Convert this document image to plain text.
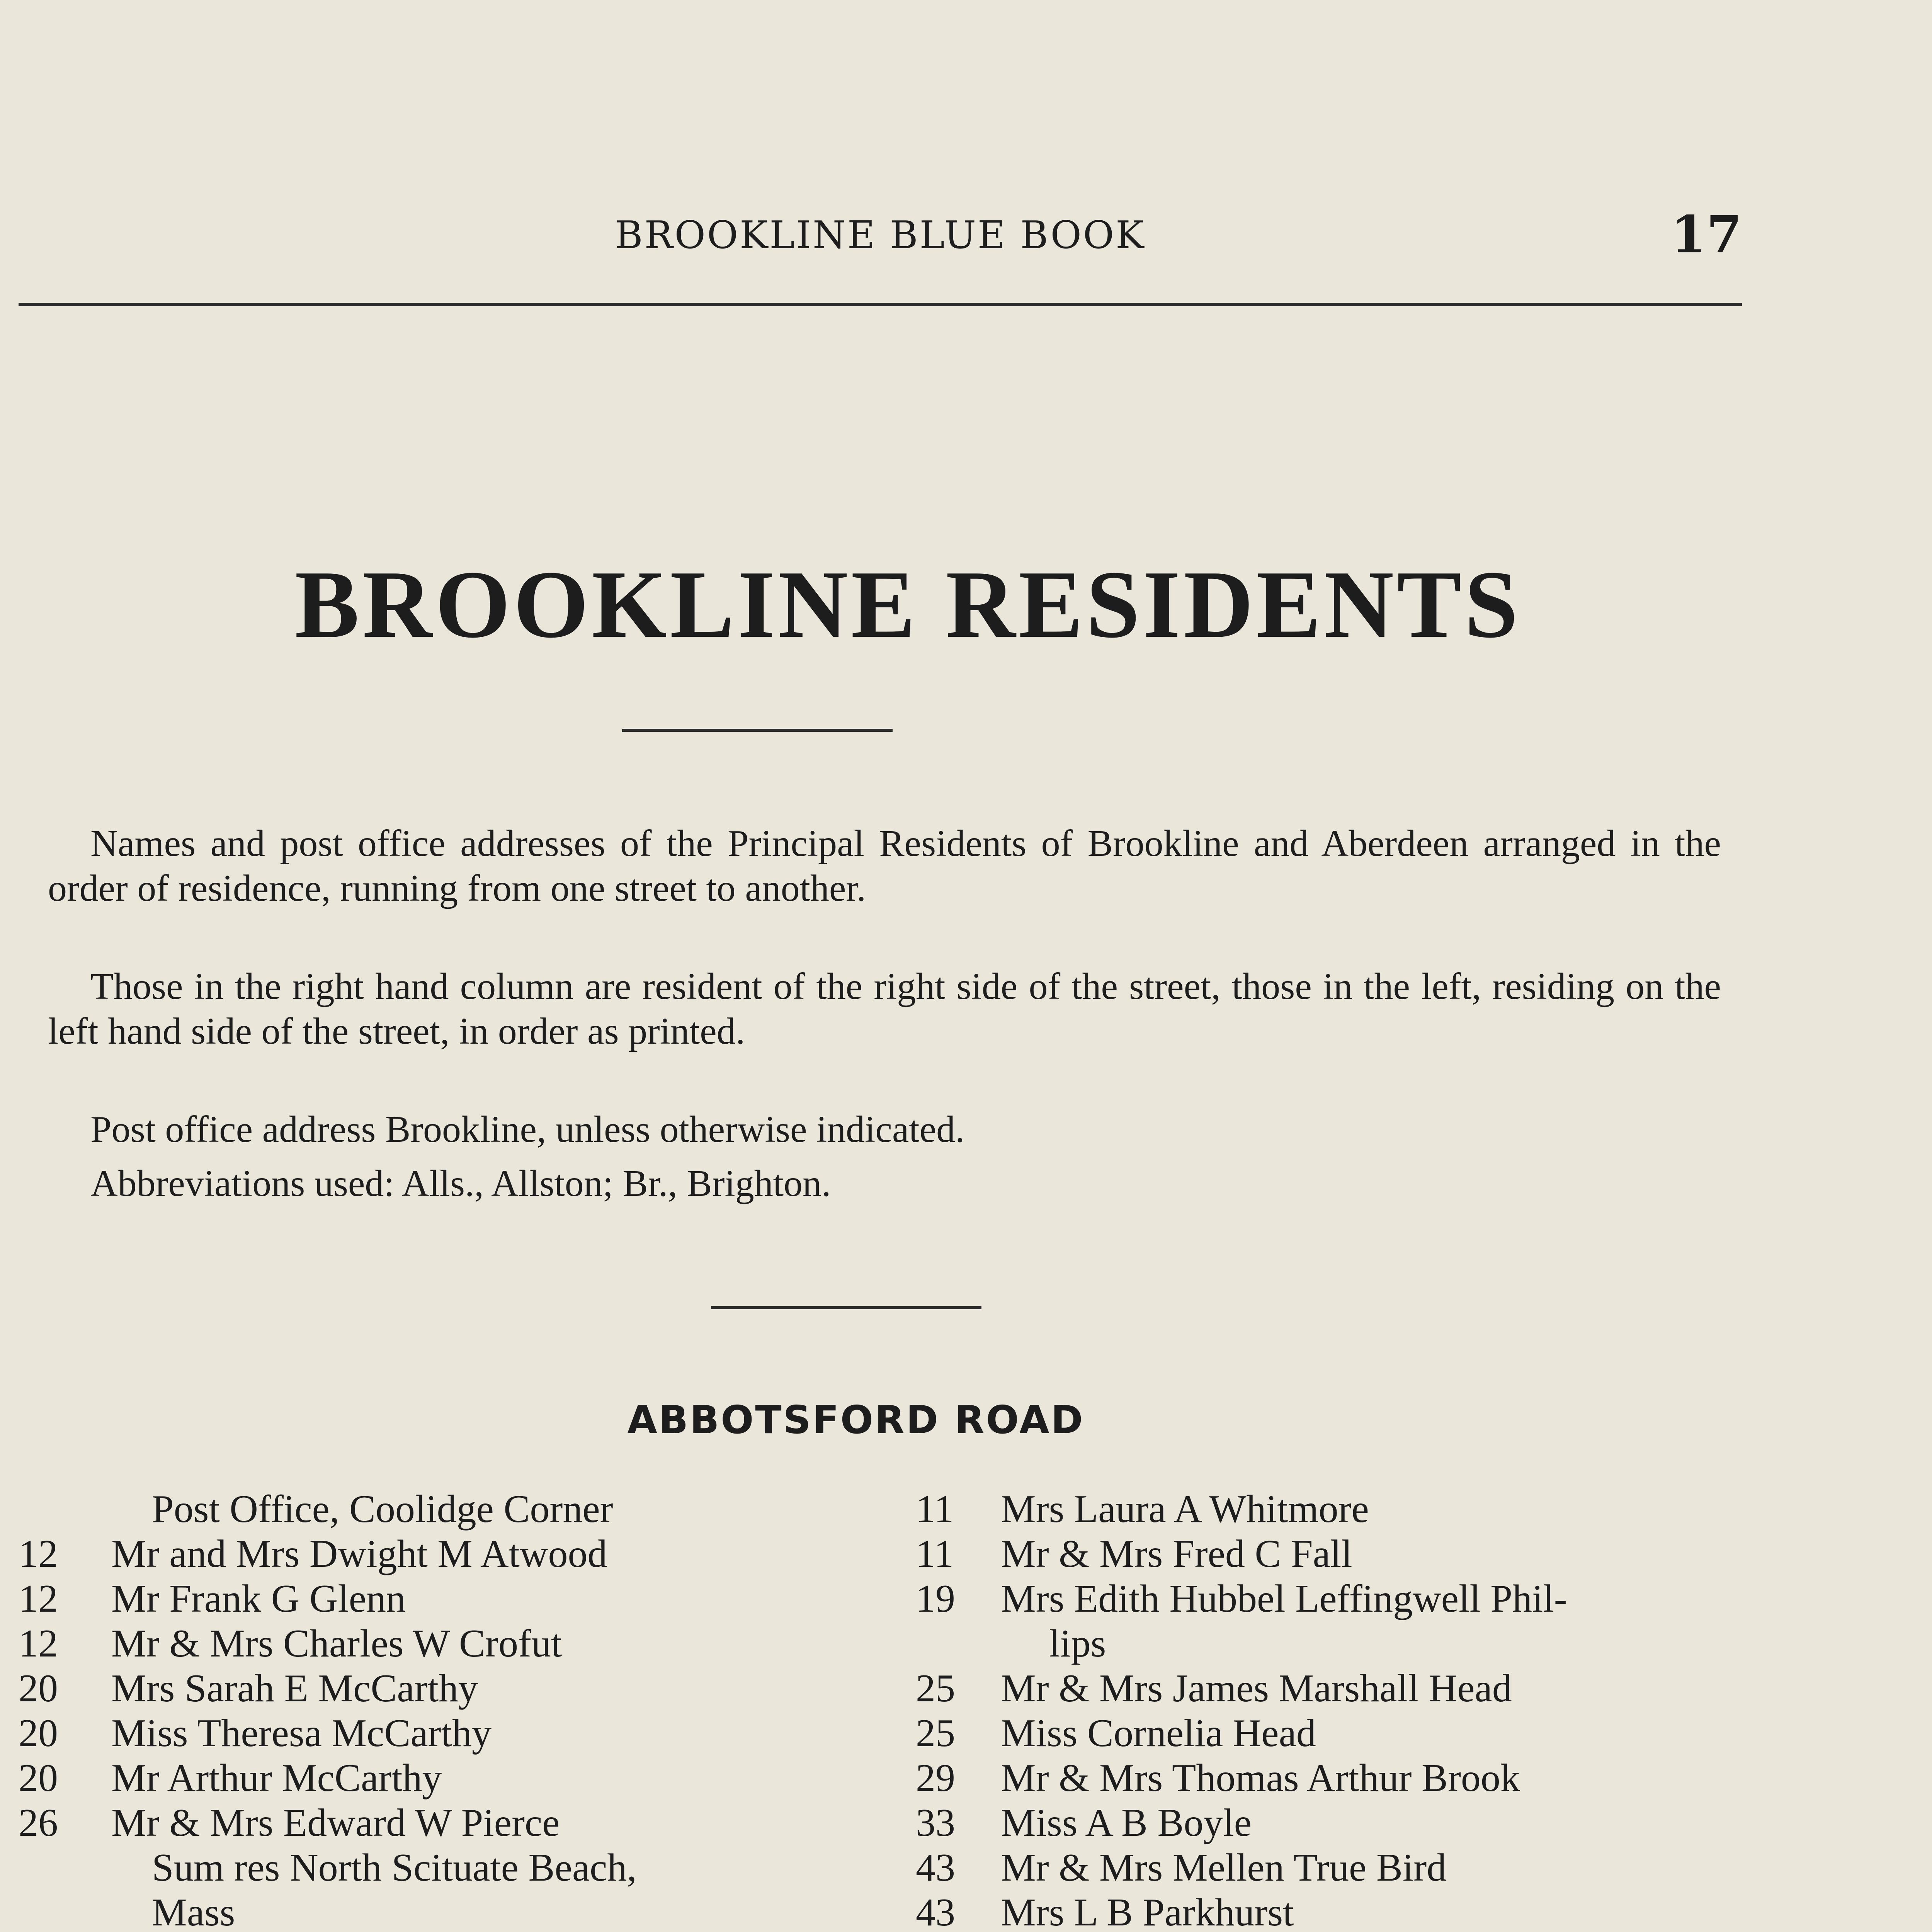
BROOKLINE BLUE BOOK	17
BROOKLINE RESIDENTS

Names and post office addresses of the Principal Residents of Brookline and Aberdeen arranged in the order of residence, running from one street to another.

Those in the right hand column are resident of the right side of the street, those in the left, residing on the left hand side of the street, in order as printed.

Post office address Brookline, unless otherwise indicated.

Abbreviations used: Alls., Allston; Br., Brighton.

ABBOTSFORD ROAD
Post Office, Coolidge Corner
12	Mr and Mrs Dwight M Atwood
12	Mr Frank G Glenn
12	Mr & Mrs Charles W Crofut
20	Mrs Sarah E McCarthy
20	Miss Theresa McCarthy
20	Mr Arthur McCarthy
26	Mr & Mrs Edward W Pierce
Sum res North Scituate Beach,
Mass
11	Mrs Laura A Whitmore
11	Mr & Mrs Fred C Fall
19	Mrs Edith Hubbel Leffingwell Phil-
lips
25	Mr & Mrs James Marshall Head
25	Miss Cornelia Head
29	Mr & Mrs Thomas Arthur Brook
33	Miss A B Boyle
43	Mr & Mrs Mellen True Bird
43	Mrs L B Parkhurst
